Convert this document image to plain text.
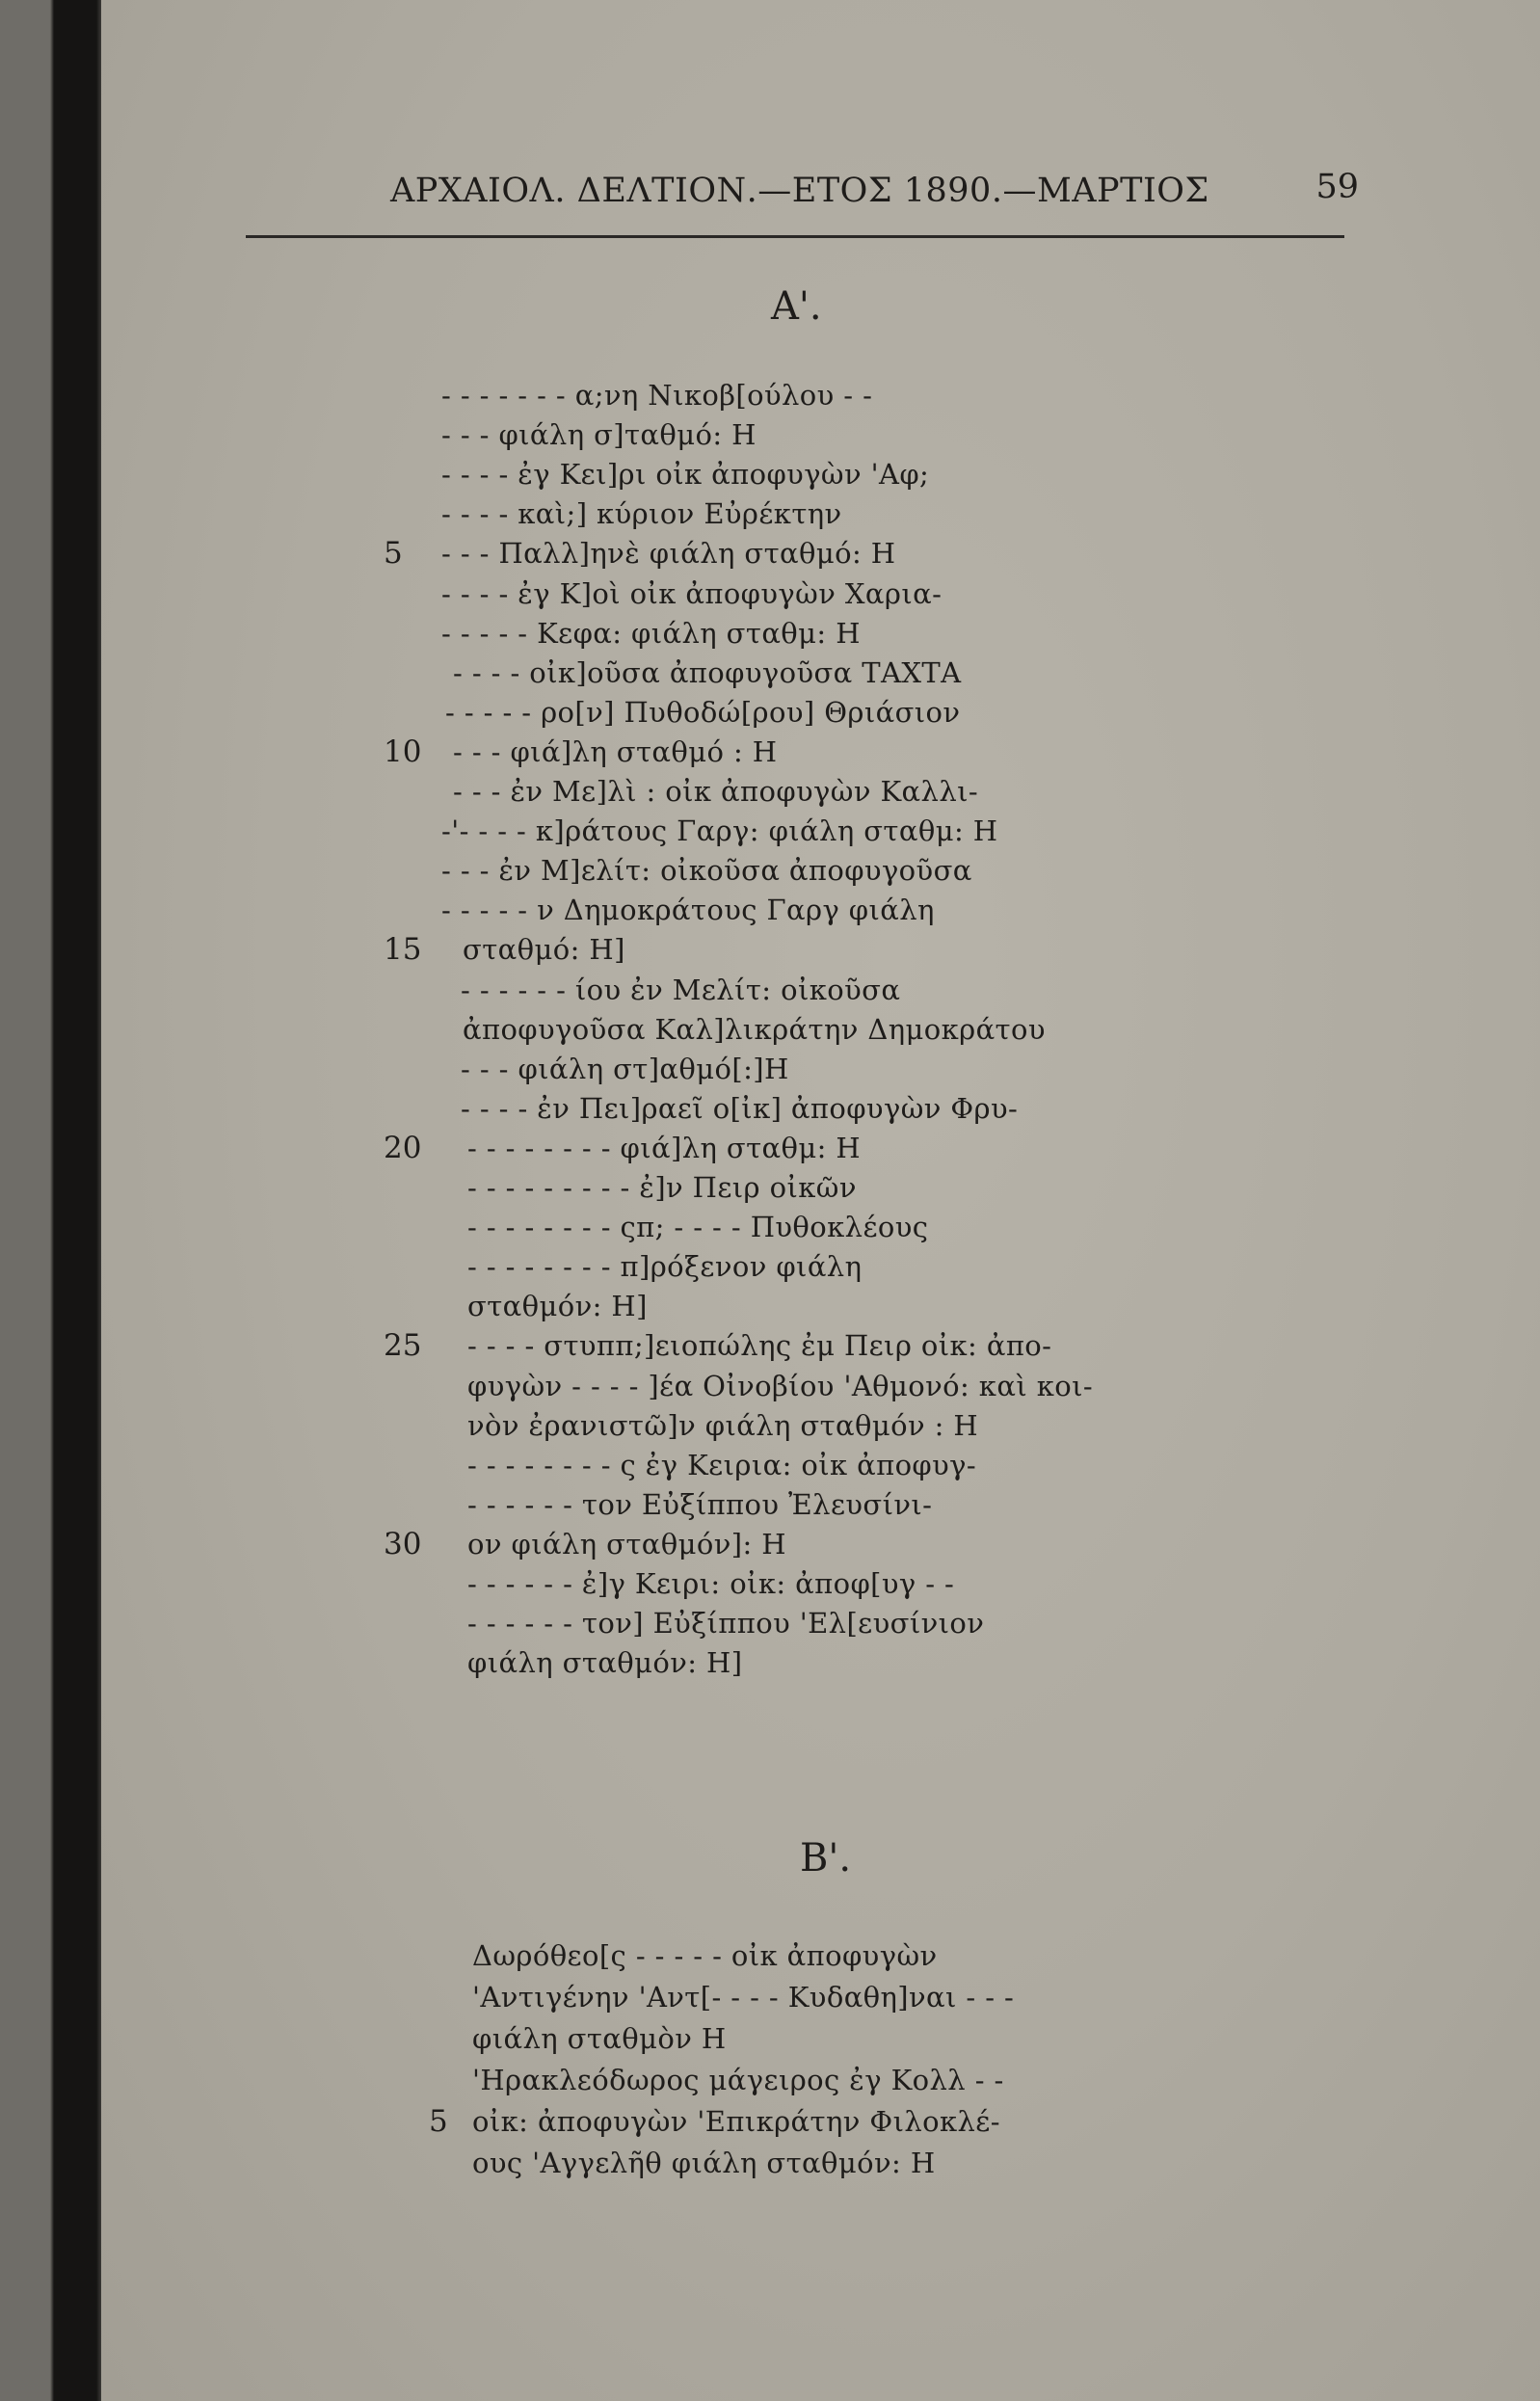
ΑΡΧΑΙΟΛ. ΔΕΛΤΙΟΝ.—ΕΤΟΣ 1890.—ΜΑΡΤΙΟΣ	59
A'.
- - - - - - - α;νη Νικοβ[ούλου - -
- - - φιάλη σ]ταθμό: Η
- - - - ἐγ Κει]ρι οἰκ ἀποφυγὼν 'Αφ;
- - - - καὶ;] κύριον Εὐρέκτην
- - - Παλλ]ηνὲ φιάλη σταθμό: Η
- - - - ἐγ Κ]οὶ οἰκ ἀποφυγὼν Χαρια-
- - - - - Κεφα: φιάλη σταθμ: Η
- - - - οἰκ]οῦσα ἀποφυγοῦσα ΤΑΧΤΑ
- - - - - ρο[ν] Πυθοδώ[ρου] Θριάσιον
- - - φιά]λη σταθμό : Η
- - - ἐν Με]λὶ : οἰκ ἀποφυγὼν Καλλι-
-'- - - - κ]ράτους Γαργ: φιάλη σταθμ: Η
- - - ἐν Μ]ελίτ: οἰκοῦσα ἀποφυγοῦσα
- - - - - ν Δημοκράτους Γαργ φιάλη
σταθμό: Η]
- - - - - - ίου ἐν Μελίτ: οἰκοῦσα
ἀποφυγοῦσα Καλ]λικράτην Δημοκράτου
- - - φιάλη στ]αθμό[:]Η
- - - - ἐν Πει]ραεῖ ο[ἰκ] ἀποφυγὼν Φρυ-
- - - - - - - - φιά]λη σταθμ: Η
- - - - - - - - - ἐ]ν Πειρ οἰκῶν
- - - - - - - - ςπ; - - - - Πυθοκλέους
- - - - - - - - π]ρόξενον φιάλη
σταθμόν: Η]
- - - - στυππ;]ειοπώλης ἐμ Πειρ οἰκ: ἀπο-
φυγὼν - - - - ]έα Οἰνοβίου 'Αθμονό: καὶ κοι-
νὸν ἐρανιστῶ]ν φιάλη σταθμόν : Η
- - - - - - - - ς ἐγ Κειρια: οἰκ ἀποφυγ-
- - - - - - τον Εὐξίππου Ἐλευσίνι-
ον φιάλη σταθμόν]: Η
- - - - - - ἐ]γ Κειρι: οἰκ: ἀποφ[υγ - -
- - - - - - τον] Εὐξίππου 'Ελ[ευσίνιον
φιάλη σταθμόν: Η]
5
10
15
20
25
30
B'.
Δωρόθεο[ς - - - - - οἰκ ἀποφυγὼν
'Αντιγένην 'Αντ[- - - - Κυδαθη]ναι - - -
φιάλη σταθμὸν Η
'Ηρακλεόδωρος μάγειρος ἐγ Κολλ - -
οἰκ: ἀποφυγὼν 'Επικράτην Φιλοκλέ-
ους 'Αγγελῆθ φιάλη σταθμόν: Η
5
